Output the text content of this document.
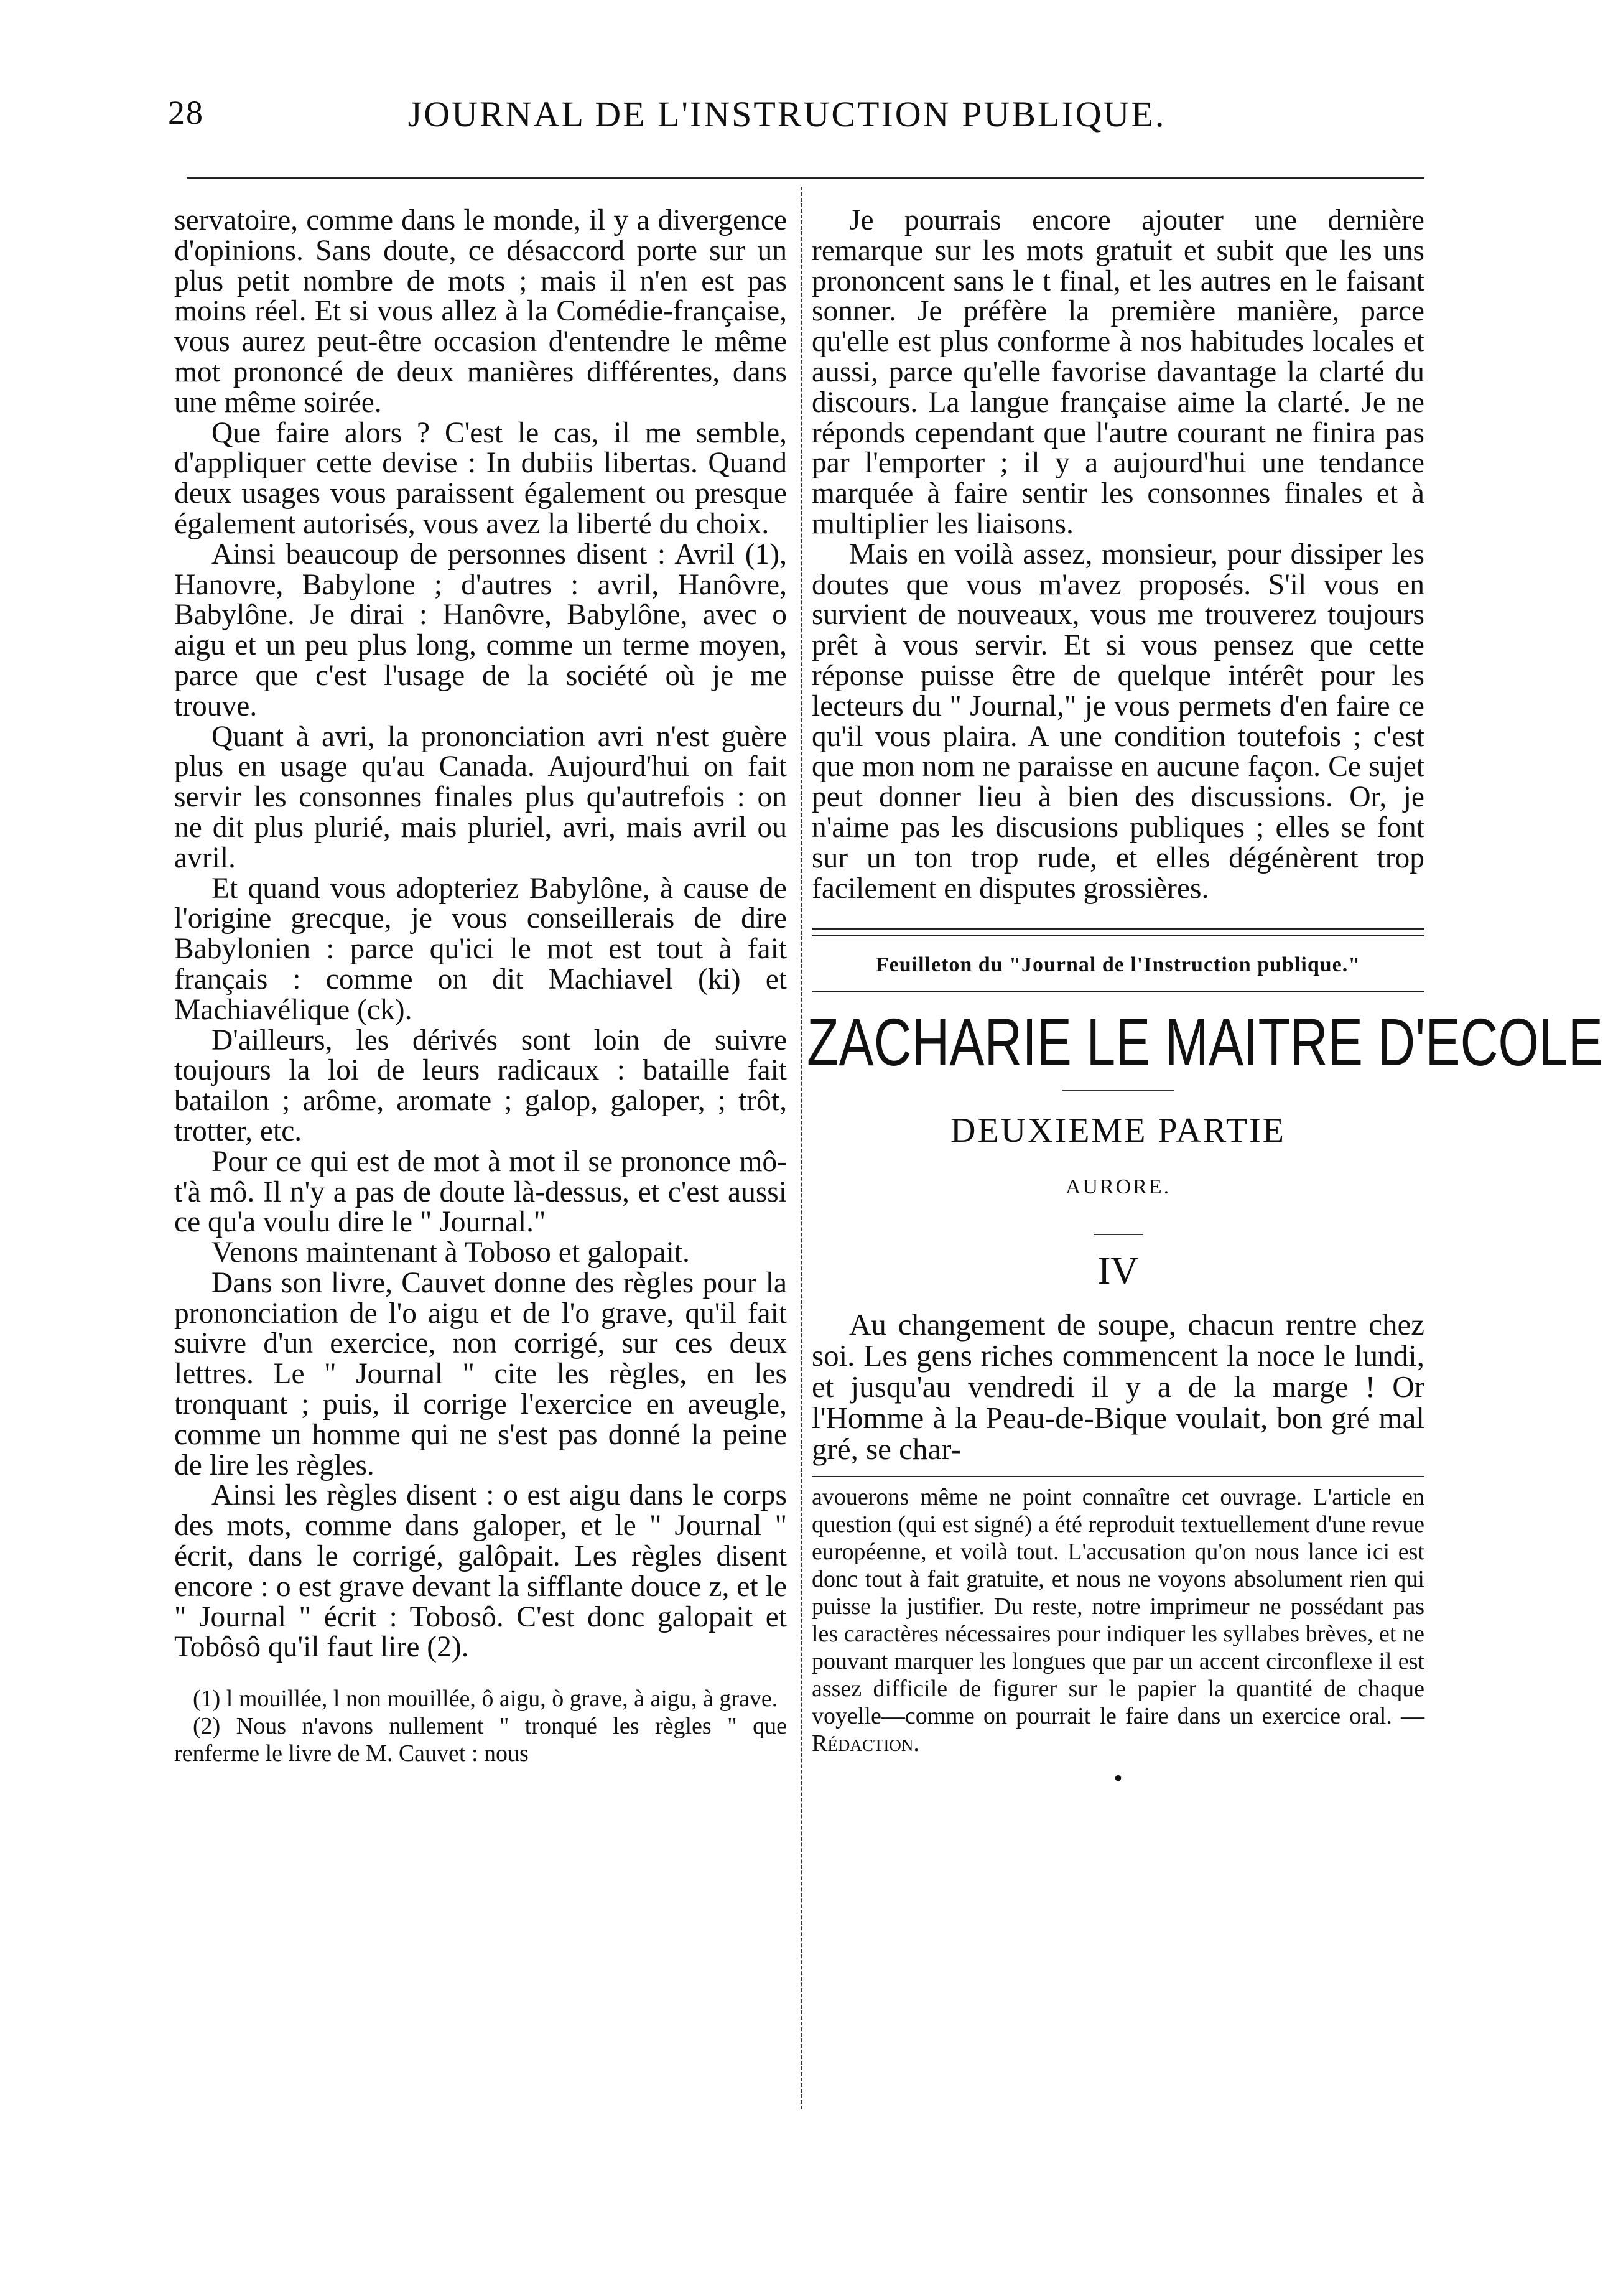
28	JOURNAL DE L'INSTRUCTION PUBLIQUE.

servatoire, comme dans le monde, il y a divergence d'opinions. Sans doute, ce désaccord porte sur un plus petit nombre de mots ; mais il n'en est pas moins réel. Et si vous allez à la Comédie-française, vous aurez peut-être occasion d'entendre le même mot prononcé de deux manières différentes, dans une même soirée.

Que faire alors ? C'est le cas, il me semble, d'appliquer cette devise : In dubiis libertas. Quand deux usages vous paraissent également ou presque également autorisés, vous avez la liberté du choix.

Ainsi beaucoup de personnes disent : Avril (1), Hanovre, Babylone ; d'autres : avril, Hanôvre, Babylône. Je dirai : Hanôvre, Babylône, avec o aigu et un peu plus long, comme un terme moyen, parce que c'est l'usage de la société où je me trouve.

Quant à avri, la prononciation avri n'est guère plus en usage qu'au Canada. Aujourd'hui on fait servir les consonnes finales plus qu'autrefois : on ne dit plus plurié, mais pluriel, avri, mais avril ou avril.

Et quand vous adopteriez Babylône, à cause de l'origine grecque, je vous conseillerais de dire Babylonien : parce qu'ici le mot est tout à fait français : comme on dit Machiavel (ki) et Machiavélique (ck).

D'ailleurs, les dérivés sont loin de suivre toujours la loi de leurs radicaux : bataille fait batailon ; arôme, aromate ; galop, galoper, ; trôt, trotter, etc.

Pour ce qui est de mot à mot il se prononce mô-t'à mô. Il n'y a pas de doute là-dessus, et c'est aussi ce qu'a voulu dire le " Journal."

Venons maintenant à Toboso et galopait.

Dans son livre, Cauvet donne des règles pour la prononciation de l'o aigu et de l'o grave, qu'il fait suivre d'un exercice, non corrigé, sur ces deux lettres. Le " Journal " cite les règles, en les tronquant ; puis, il corrige l'exercice en aveugle, comme un homme qui ne s'est pas donné la peine de lire les règles.

Ainsi les règles disent : o est aigu dans le corps des mots, comme dans galoper, et le " Journal " écrit, dans le corrigé, galôpait. Les règles disent encore : o est grave devant la sifflante douce z, et le " Journal " écrit : Tobosô. C'est donc galopait et Tobôsô qu'il faut lire (2).

(1) l mouillée, l non mouillée, ô aigu, ò grave, à aigu, à grave.

(2) Nous n'avons nullement " tronqué les règles " que renferme le livre de M. Cauvet : nous

Je pourrais encore ajouter une dernière remarque sur les mots gratuit et subit que les uns prononcent sans le t final, et les autres en le faisant sonner. Je préfère la première manière, parce qu'elle est plus conforme à nos habitudes locales et aussi, parce qu'elle favorise davantage la clarté du discours. La langue française aime la clarté. Je ne réponds cependant que l'autre courant ne finira pas par l'emporter ; il y a aujourd'hui une tendance marquée à faire sentir les consonnes finales et à multiplier les liaisons.

Mais en voilà assez, monsieur, pour dissiper les doutes que vous m'avez proposés. S'il vous en survient de nouveaux, vous me trouverez toujours prêt à vous servir. Et si vous pensez que cette réponse puisse être de quelque intérêt pour les lecteurs du " Journal," je vous permets d'en faire ce qu'il vous plaira. A une condition toutefois ; c'est que mon nom ne paraisse en aucune façon. Ce sujet peut donner lieu à bien des discussions. Or, je n'aime pas les discusions publiques ; elles se font sur un ton trop rude, et elles dégénèrent trop facilement en disputes grossières.

Feuilleton du "Journal de l'Instruction publique."
ZACHARIE LE MAITRE D'ECOLE
DEUXIEME PARTIE
AURORE.
IV

Au changement de soupe, chacun rentre chez soi. Les gens riches commencent la noce le lundi, et jusqu'au vendredi il y a de la marge ! Or l'Homme à la Peau-de-Bique voulait, bon gré mal gré, se char-

avouerons même ne point connaître cet ouvrage. L'article en question (qui est signé) a été reproduit textuellement d'une revue européenne, et voilà tout. L'accusation qu'on nous lance ici est donc tout à fait gratuite, et nous ne voyons absolument rien qui puisse la justifier. Du reste, notre imprimeur ne possédant pas les caractères nécessaires pour indiquer les syllabes brèves, et ne pouvant marquer les longues que par un accent circonflexe il est assez difficile de figurer sur le papier la quantité de chaque voyelle—comme on pourrait le faire dans un exercice oral. —Rédaction.
•
